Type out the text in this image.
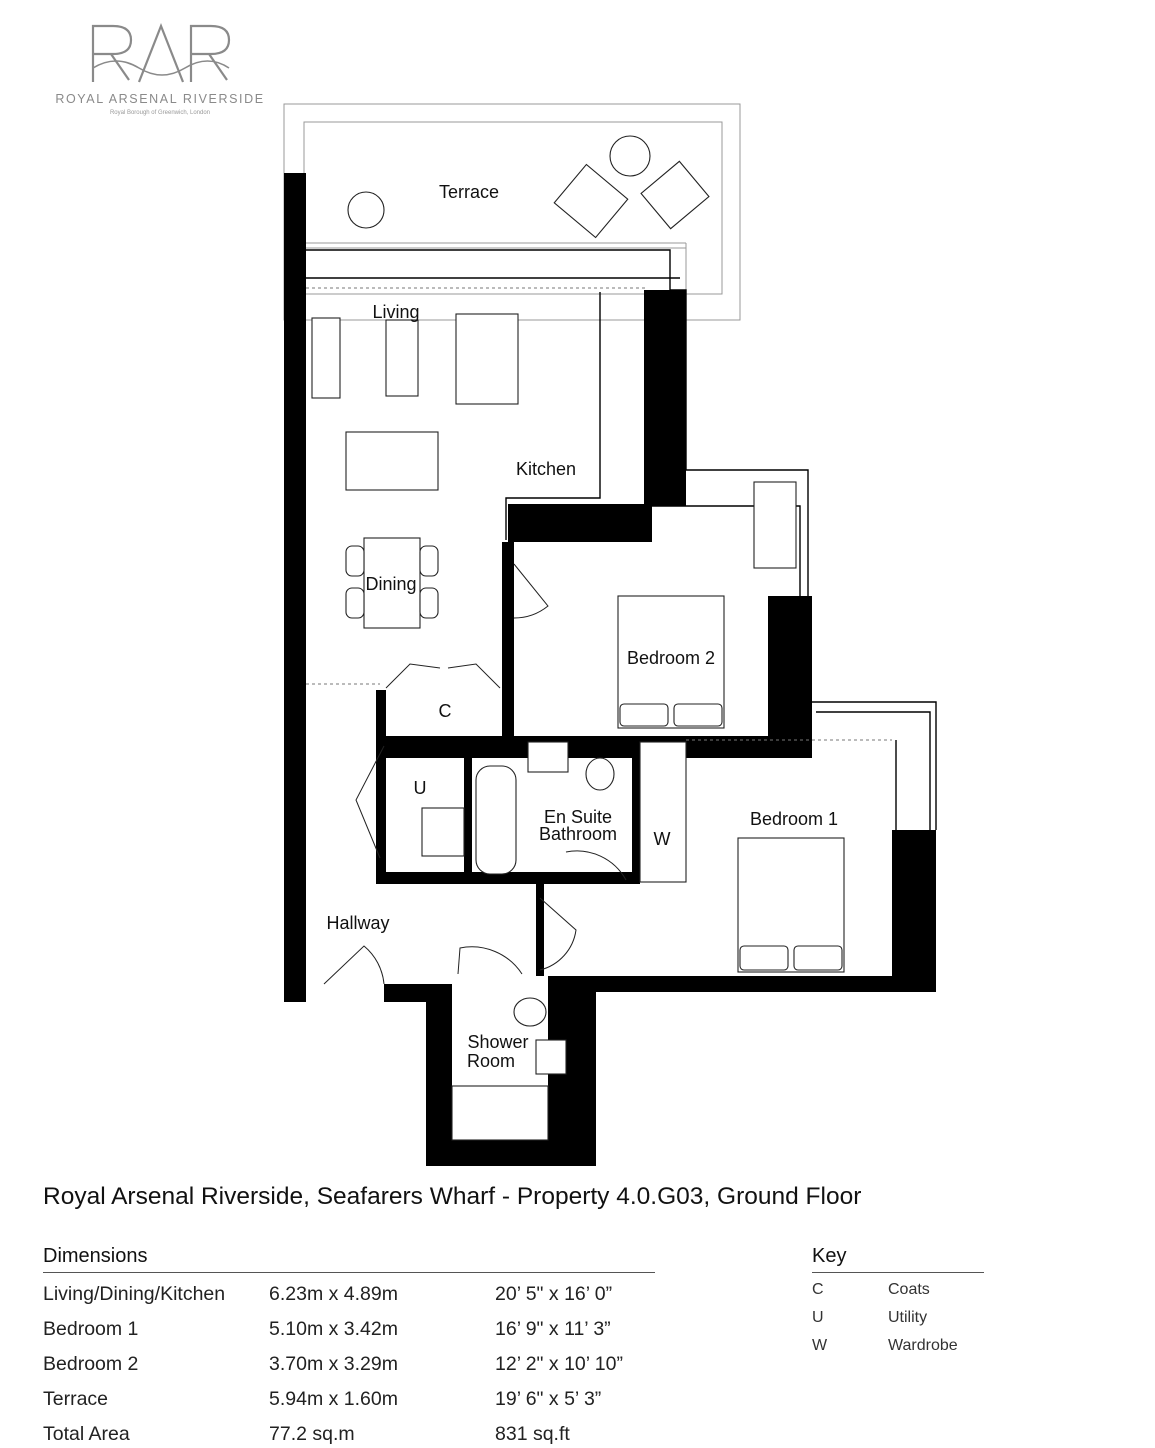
ROYAL ARSENAL RIVERSIDE
Royal Borough of Greenwich, London
Terrace
Living
Kitchen
Dining
Bedroom 2
C
U
En Suite
Bathroom W
Bedroom 1
Hallway
Shower
Room
Royal Arsenal Riverside, Seafarers Wharf - Property 4.0.G03, Ground Floor
Dimensions
Living/Dining/Kitchen 6.23m x 4.89m	20’ 5" x 16’ 0”
Bedroom 1	5.10m x 3.42m	16’ 9" x 11’ 3”
Bedroom 2	3.70m x 3.29m	12’ 2" x 10’ 10”
Terrace	5.94m x 1.60m	19’ 6" x 5’ 3”
Total Area	77.2 sq.m	831 sq.ft
Key
C	Coats
U	Utility
W	Wardrobe
